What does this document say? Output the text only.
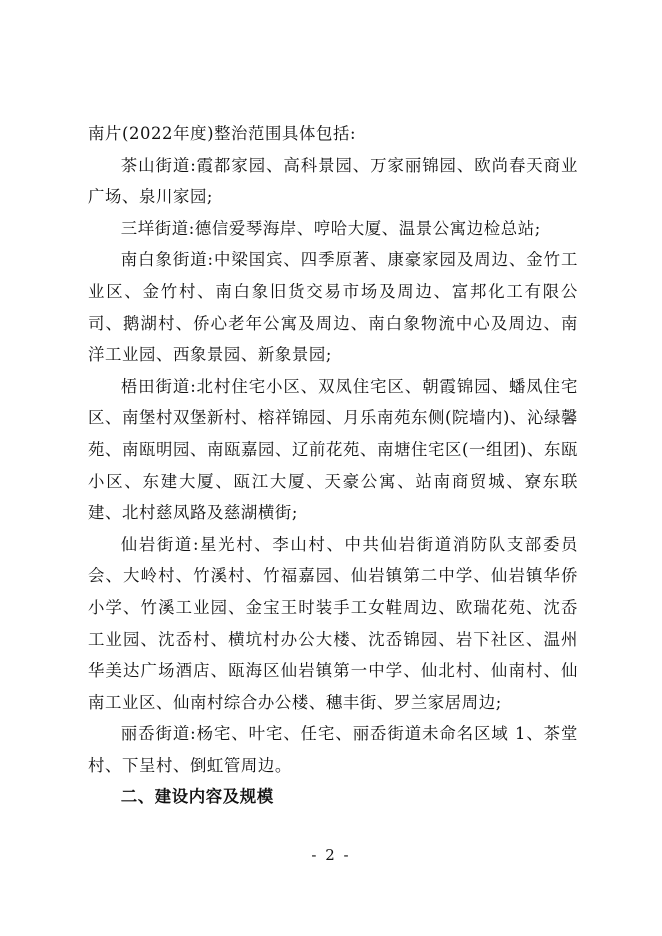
南片(2022年度)整治范围具体包括:

茶山街道:霞都家园、高科景园、万家丽锦园、欧尚春天商业广场、泉川家园;

三垟街道:德信爱琴海岸、哼哈大厦、温景公寓边检总站;

南白象街道:中梁国宾、四季原著、康豪家园及周边、金竹工业区、金竹村、南白象旧货交易市场及周边、富邦化工有限公司、鹅湖村、侨心老年公寓及周边、南白象物流中心及周边、南洋工业园、西象景园、新象景园;

梧田街道:北村住宅小区、双凤住宅区、朝霞锦园、蟠凤住宅区、南堡村双堡新村、榕祥锦园、月乐南苑东侧(院墙内)、沁绿馨苑、南瓯明园、南瓯嘉园、辽前花苑、南塘住宅区(一组团)、东瓯小区、东建大厦、瓯江大厦、天豪公寓、站南商贸城、寮东联建、北村慈凤路及慈湖横街;

仙岩街道:星光村、李山村、中共仙岩街道消防队支部委员会、大岭村、竹溪村、竹福嘉园、仙岩镇第二中学、仙岩镇华侨小学、竹溪工业园、金宝王时装手工女鞋周边、欧瑞花苑、沈岙工业园、沈岙村、横坑村办公大楼、沈岙锦园、岩下社区、温州华美达广场酒店、瓯海区仙岩镇第一中学、仙北村、仙南村、仙南工业区、仙南村综合办公楼、穗丰街、罗兰家居周边;

丽岙街道:杨宅、叶宅、任宅、丽岙街道未命名区域 1、茶堂村、下呈村、倒虹管周边。

二、建设内容及规模

- 2 -
